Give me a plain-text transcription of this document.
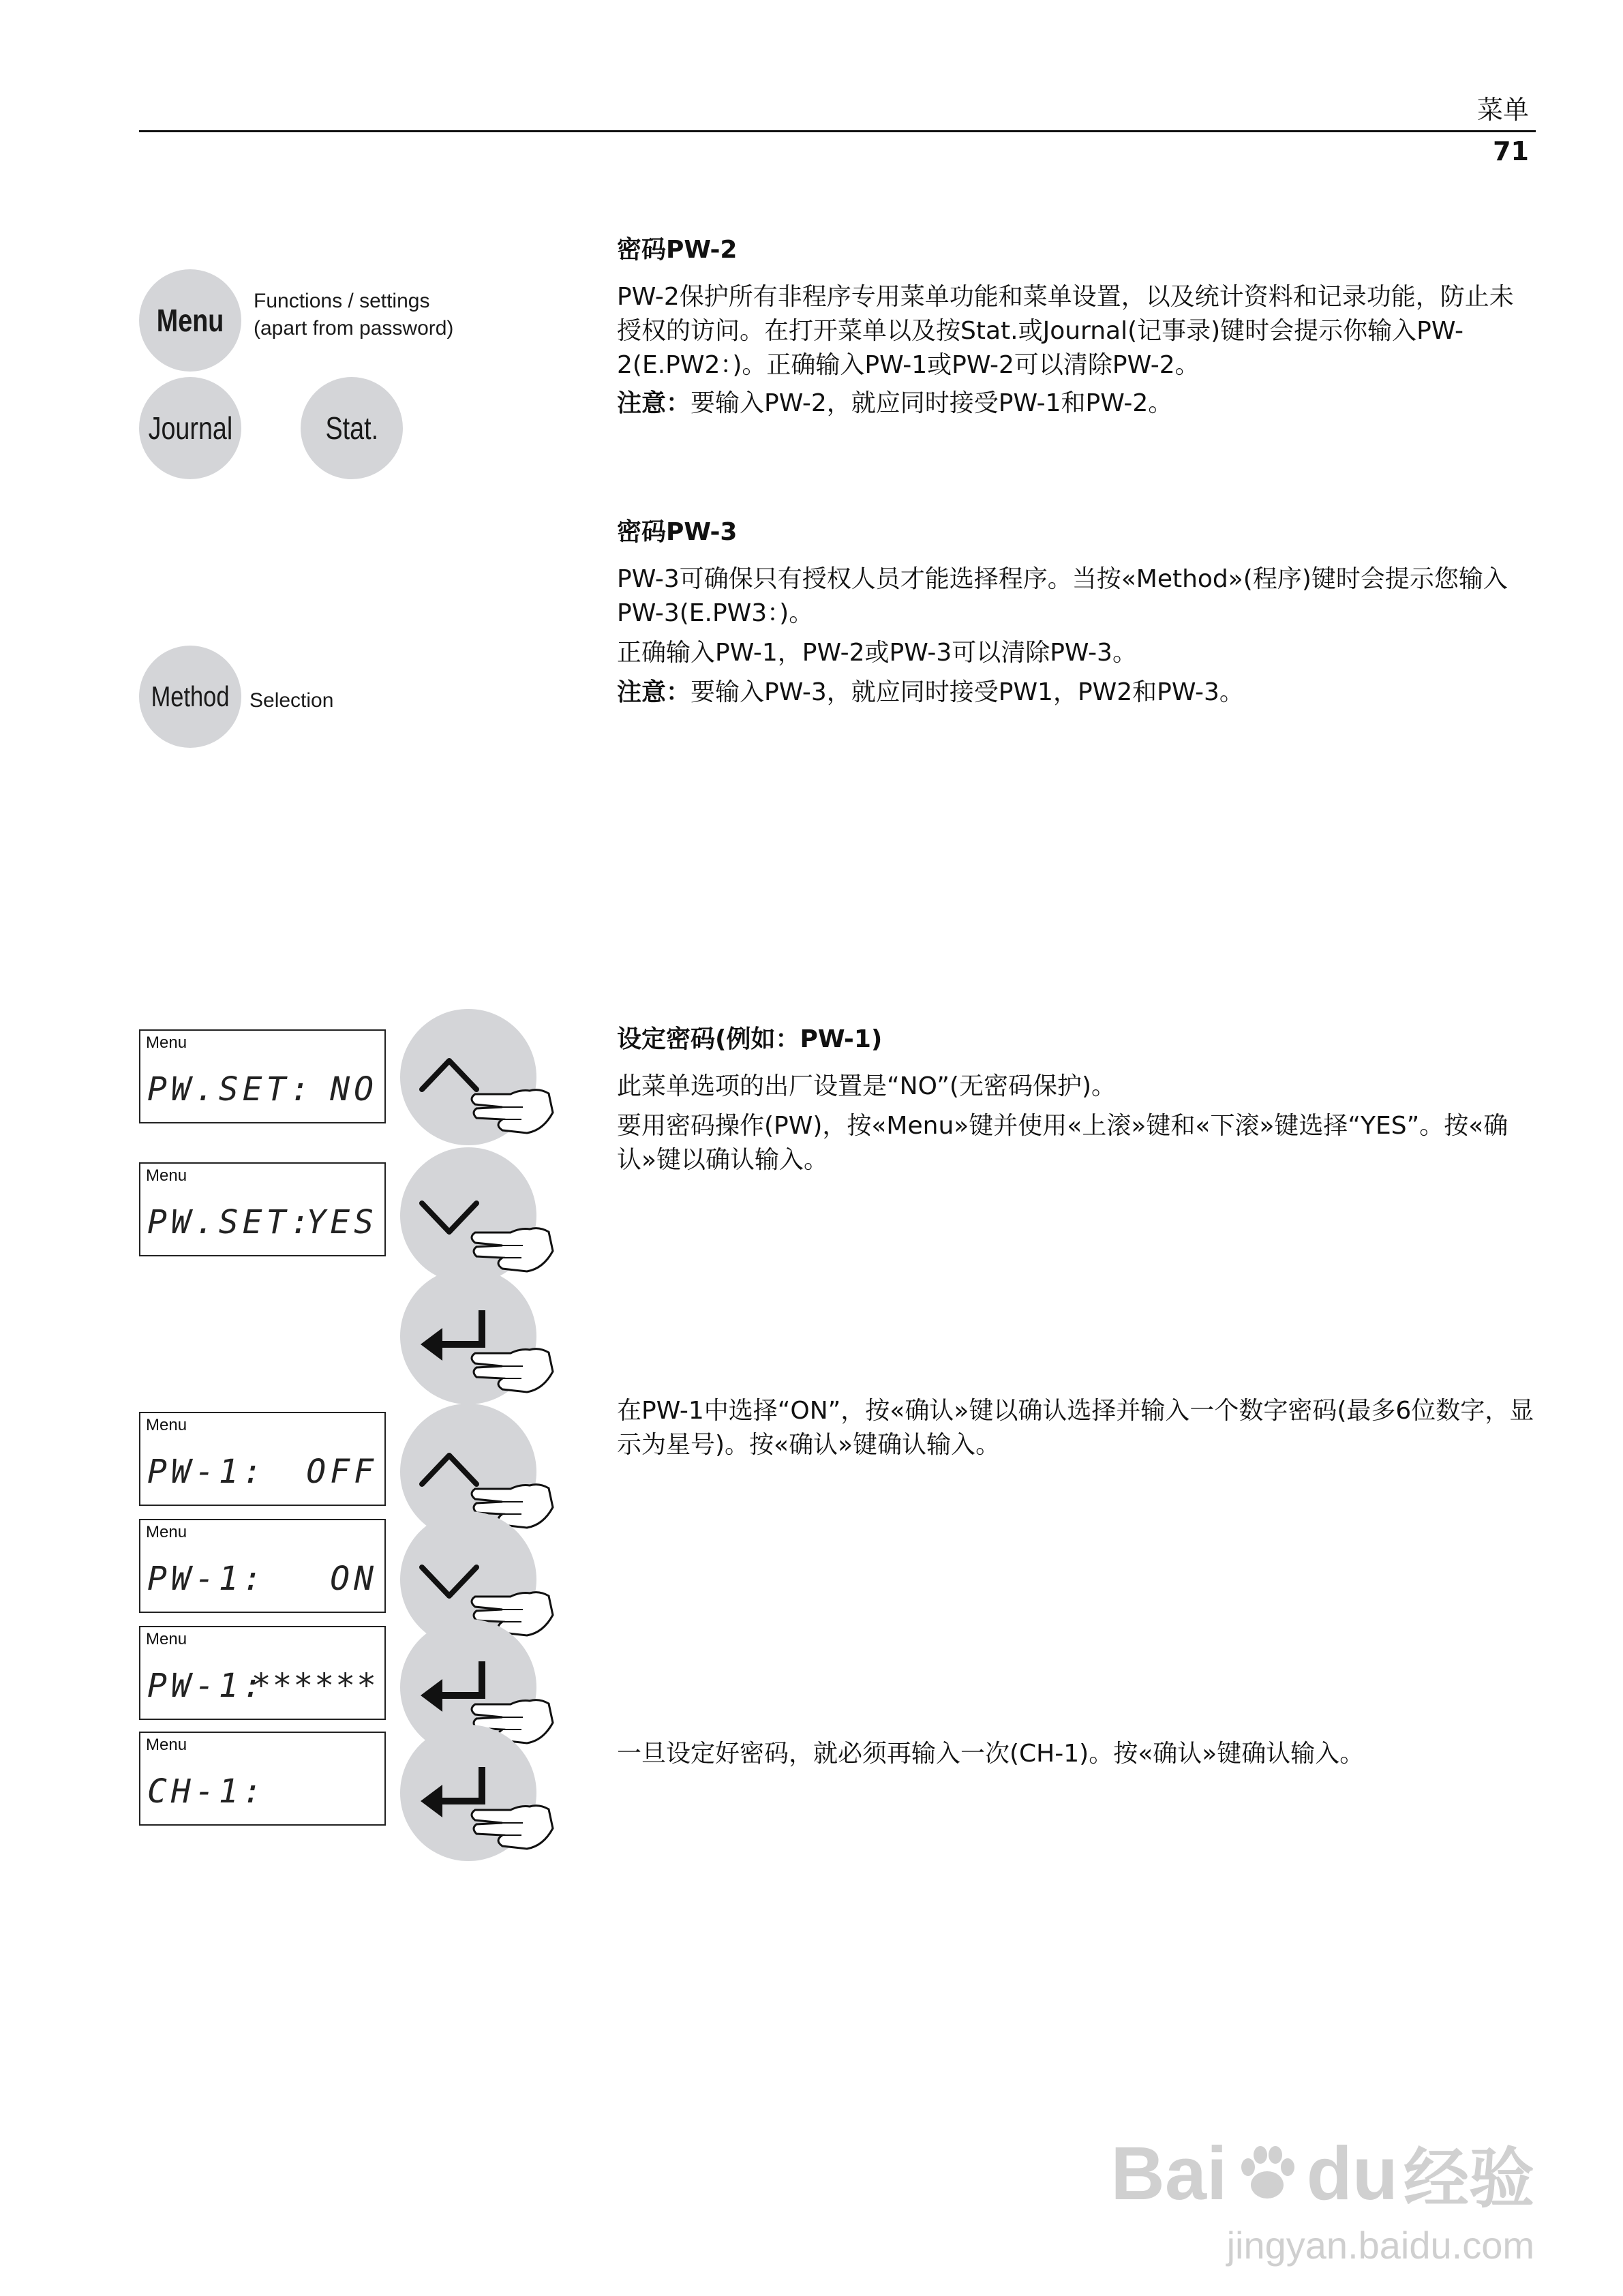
菜单
71
Menu
Functions / settings
(apart from password)
Journal	Stat.
Method Selection
密码PW-2
PW-2保护所有非程序专用菜单功能和菜单设置，以及统计资料和记录功能，防止未授权的访问。在打开菜单以及按Stat.或Journal(记事录)键时会提示你输入PW-2(E.PW2：)。正确输入PW-1或PW-2可以清除PW-2。
注意：要输入PW-2，就应同时接受PW-1和PW-2。
密码PW-3
PW-3可确保只有授权人员才能选择程序。当按«Method»(程序)键时会提示您输入PW-3(E.PW3：)。
正确输入PW-1，PW-2或PW-3可以清除PW-3。
注意：要输入PW-3，就应同时接受PW1，PW2和PW-3。
设定密码(例如：PW-1)
此菜单选项的出厂设置是“NO”(无密码保护)。
要用密码操作(PW)，按«Menu»键并使用«上滚»键和«下滚»键选择“YES”。按«确认»键以确认输入。
在PW-1中选择“ON”，按«确认»键以确认选择并输入一个数字密码(最多6位数字，显示为星号)。按«确认»键确认输入。
一旦设定好密码，就必须再输入一次(CH-1)。按«确认»键确认输入。
Menu
PW.SET: NO
Menu
PW.SET:
YES
Menu
PW-1: OFF
Menu
PW-1: ON
Menu
PW-1:
******
Menu
CH-1:
Bai du 经验
jingyan.baidu.com
